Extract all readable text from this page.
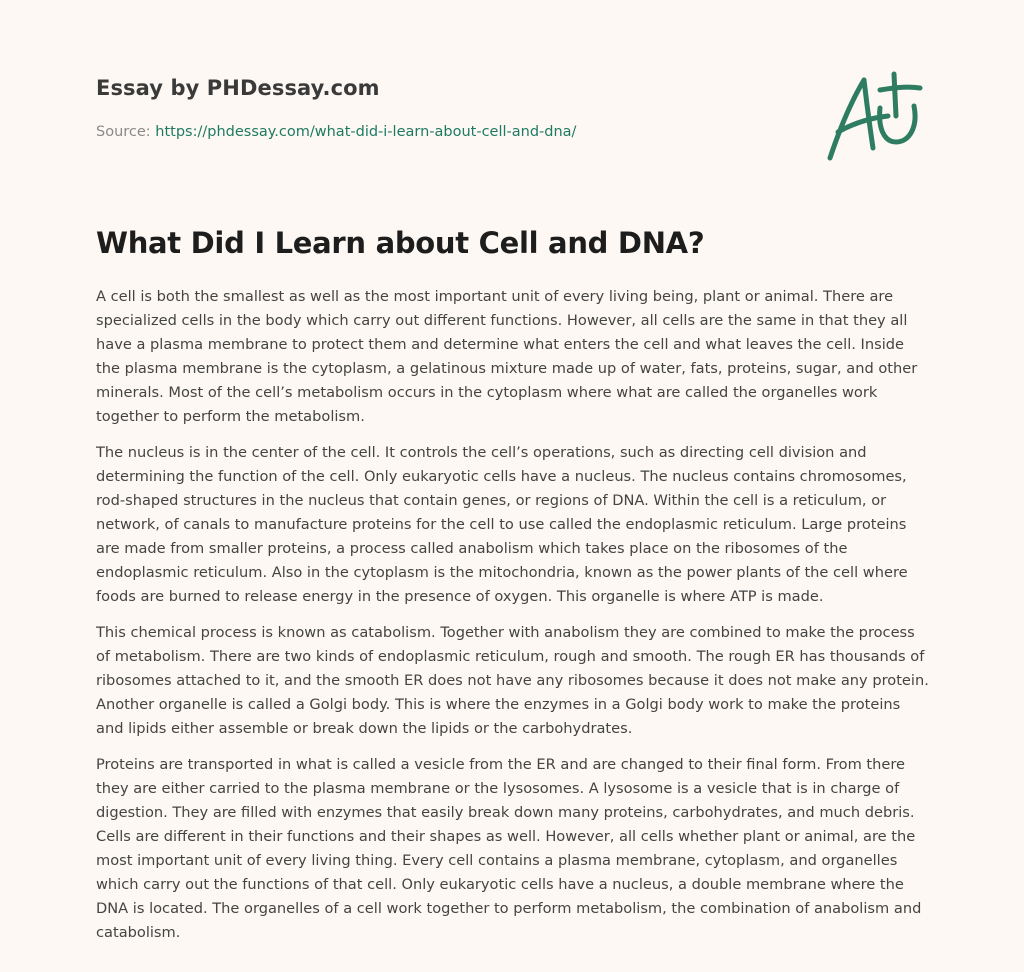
Essay by PHDessay.com
Source: https://phdessay.com/what-did-i-learn-about-cell-and-dna/
What Did I Learn about Cell and DNA?

A cell is both the smallest as well as the most important unit of every living being, plant or animal. There are specialized cells in the body which carry out different functions. However, all cells are the same in that they all have a plasma membrane to protect them and determine what enters the cell and what leaves the cell. Inside the plasma membrane is the cytoplasm, a gelatinous mixture made up of water, fats, proteins, sugar, and other minerals. Most of the cell’s metabolism occurs in the cytoplasm where what are called the organelles work together to perform the metabolism.

The nucleus is in the center of the cell. It controls the cell’s operations, such as directing cell division and determining the function of the cell. Only eukaryotic cells have a nucleus. The nucleus contains chromosomes, rod-shaped structures in the nucleus that contain genes, or regions of DNA. Within the cell is a reticulum, or network, of canals to manufacture proteins for the cell to use called the endoplasmic reticulum. Large proteins are made from smaller proteins, a process called anabolism which takes place on the ribosomes of the endoplasmic reticulum. Also in the cytoplasm is the mitochondria, known as the power plants of the cell where foods are burned to release energy in the presence of oxygen. This organelle is where ATP is made.

This chemical process is known as catabolism. Together with anabolism they are combined to make the process of metabolism. There are two kinds of endoplasmic reticulum, rough and smooth. The rough ER has thousands of ribosomes attached to it, and the smooth ER does not have any ribosomes because it does not make any protein. Another organelle is called a Golgi body. This is where the enzymes in a Golgi body work to make the proteins and lipids either assemble or break down the lipids or the carbohydrates.

Proteins are transported in what is called a vesicle from the ER and are changed to their final form. From there they are either carried to the plasma membrane or the lysosomes. A lysosome is a vesicle that is in charge of digestion. They are filled with enzymes that easily break down many proteins, carbohydrates, and much debris. Cells are different in their functions and their shapes as well. However, all cells whether plant or animal, are the most important unit of every living thing. Every cell contains a plasma membrane, cytoplasm, and organelles which carry out the functions of that cell. Only eukaryotic cells have a nucleus, a double membrane where the DNA is located. The organelles of a cell work together to perform metabolism, the combination of anabolism and catabolism.
